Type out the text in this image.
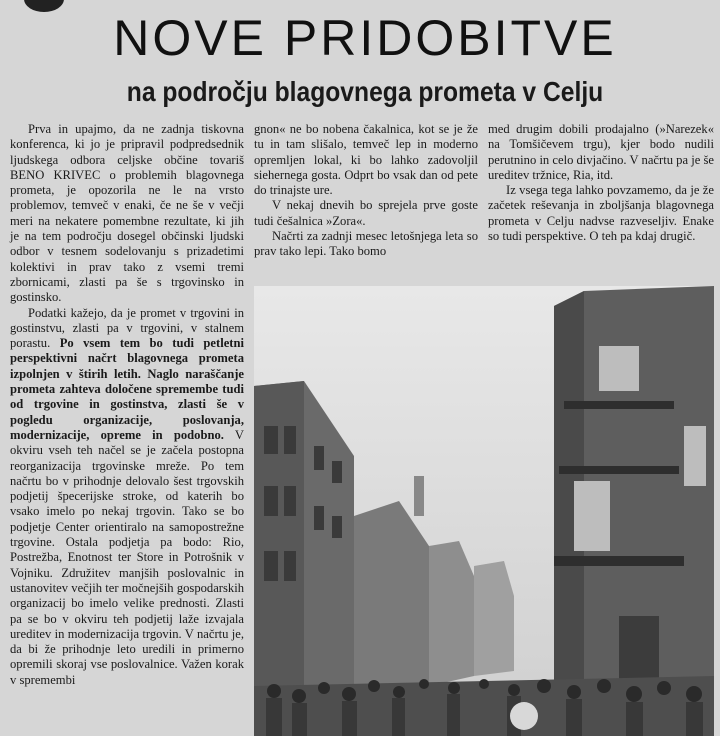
NOVE PRIDOBITVE
na področju blagovnega prometa v Celju

Prva in upajmo, da ne zadnja tiskovna konferenca, ki jo je pripravil podpredsednik ljudskega odbora celjske občine tovariš BENO KRIVEC o problemih blagovnega prometa, je opozorila ne le na vrsto problemov, temveč v enaki, če ne še v večji meri na nekatere pomembne rezultate, ki jih je na tem področju dosegel občinski ljudski odbor v tesnem sodelovanju s prizadetimi kolektivi in prav tako z vsemi tremi zbornicami, zlasti pa še s trgovinsko in gostinsko.

Podatki kažejo, da je promet v trgovini in gostinstvu, zlasti pa v trgovini, v stalnem porastu. Po vsem tem bo tudi petletni perspektivni načrt blagovnega prometa izpolnjen v štirih letih. Naglo naraščanje prometa zahteva določene spremembe tudi od trgovine in gostinstva, zlasti še v pogledu organizacije, poslovanja, modernizacije, opreme in podobno. V okviru vseh teh načel se je začela postopna reorganizacija trgovinske mreže. Po tem načrtu bo v prihodnje delovalo šest trgovskih podjetij špecerijske stroke, od katerih bo vsako imelo po nekaj trgovin. Tako se bo podjetje Center orientiralo na samopostrežne trgovine. Ostala podjetja pa bodo: Rio, Postrežba, Enotnost ter Store in Potrošnik v Vojniku. Združitev manjših poslovalnic in ustanovitev večjih ter močnejših gospodarskih organizacij bo imelo velike prednosti. Zlasti pa se bo v okviru teh podjetij laže izvajala ureditev in modernizacija trgovin. V načrtu je, da bi že prihodnje leto uredili in primerno opremili skoraj vse poslovalnice. Važen korak v spremembi

gnon« ne bo nobena čakalnica, kot se je že tu in tam slišalo, temveč lep in moderno opremljen lokal, ki bo lahko zadovoljil siehernega gosta. Odprt bo vsak dan od pete do trinajste ure.

V nekaj dnevih bo sprejela prve goste tudi češalnica »Zora«.

Načrti za zadnji mesec letošnjega leta so prav tako lepi. Tako bomo

med drugim dobili prodajalno (»Narezek« na Tomšičevem trgu), kjer bodo nudili perutnino in celo divjačino. V načrtu pa je še ureditev tržnice, Ria, itd.

Iz vsega tega lahko povzamemo, da je že začetek reševanja in zboljšanja blagovnega prometa v Celju nadvse razveseljiv. Enake so tudi perspektive. O teh pa kdaj drugič.
